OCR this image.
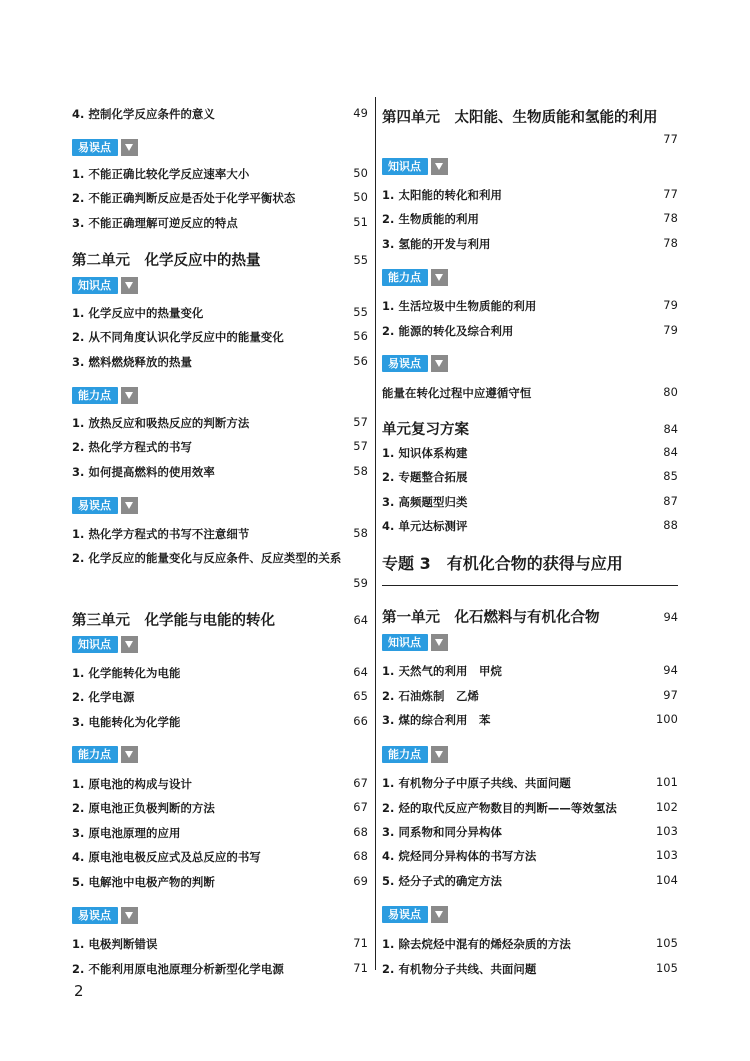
4. 控制化学反应条件的意义	49
易误点
1. 不能正确比较化学反应速率大小	50
2. 不能正确判断反应是否处于化学平衡状态	50
3. 不能正确理解可逆反应的特点	51
第二单元　化学反应中的热量	55
知识点
1. 化学反应中的热量变化	55
2. 从不同角度认识化学反应中的能量变化	56
3. 燃料燃烧释放的热量	56
能力点
1. 放热反应和吸热反应的判断方法	57
2. 热化学方程式的书写	57
3. 如何提高燃料的使用效率	58
易误点
1. 热化学方程式的书写不注意细节	58
2. 化学反应的能量变化与反应条件、反应类型的关系
59
第三单元　化学能与电能的转化	64
知识点
1. 化学能转化为电能	64
2. 化学电源	65
3. 电能转化为化学能	66
能力点
1. 原电池的构成与设计	67
2. 原电池正负极判断的方法	67
3. 原电池原理的应用	68
4. 原电池电极反应式及总反应的书写	68
5. 电解池中电极产物的判断	69
易误点
1. 电极判断错误	71
2. 不能利用原电池原理分析新型化学电源	71
第四单元　太阳能、生物质能和氢能的利用
77
知识点
1. 太阳能的转化和利用	77
2. 生物质能的利用	78
3. 氢能的开发与利用	78
能力点
1. 生活垃圾中生物质能的利用	79
2. 能源的转化及综合利用	79
易误点
能量在转化过程中应遵循守恒	80
单元复习方案	84
1. 知识体系构建	84
2. 专题整合拓展	85
3. 高频题型归类	87
4. 单元达标测评	88
专题 3　有机化合物的获得与应用
第一单元　化石燃料与有机化合物	94
知识点
1. 天然气的利用　甲烷	94
2. 石油炼制　乙烯	97
3. 煤的综合利用　苯	100
能力点
1. 有机物分子中原子共线、共面问题	101
2. 烃的取代反应产物数目的判断——等效氢法	102
3. 同系物和同分异构体	103
4. 烷烃同分异构体的书写方法	103
5. 烃分子式的确定方法	104
易误点
1. 除去烷烃中混有的烯烃杂质的方法	105
2. 有机物分子共线、共面问题	105
2
